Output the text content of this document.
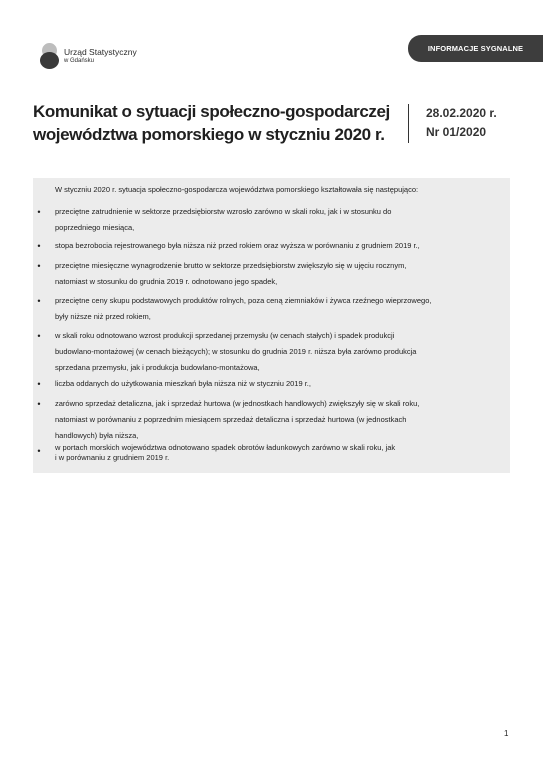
Urząd Statystyczny
w Gdańsku
INFORMACJE SYGNALNE
Komunikat o sytuacji społeczno-gospodarczej
województwa pomorskiego w styczniu 2020 r.
28.02.2020 r.
Nr 01/2020
W styczniu 2020 r. sytuacja społeczno-gospodarcza województwa pomorskiego kształtowała się następująco:
•	przeciętne zatrudnienie w sektorze przedsiębiorstw wzrosło zarówno w skali roku, jak i w stosunku do
poprzedniego miesiąca,
•	stopa bezrobocia rejestrowanego była niższa niż przed rokiem oraz wyższa w porównaniu z grudniem 2019 r.,
•	przeciętne miesięczne wynagrodzenie brutto w sektorze przedsiębiorstw zwiększyło się w ujęciu rocznym,
natomiast w stosunku do grudnia 2019 r. odnotowano jego spadek,
•	przeciętne ceny skupu podstawowych produktów rolnych, poza ceną ziemniaków i żywca rzeźnego wieprzowego,
były niższe niż przed rokiem,
•	w skali roku odnotowano wzrost produkcji sprzedanej przemysłu (w cenach stałych) i spadek produkcji
budowlano-montażowej (w cenach bieżących); w stosunku do grudnia 2019 r. niższa była zarówno produkcja
sprzedana przemysłu, jak i produkcja budowlano-montażowa,
•	liczba oddanych do użytkowania mieszkań była niższa niż w styczniu 2019 r.,
•	zarówno sprzedaż detaliczna, jak i sprzedaż hurtowa (w jednostkach handlowych) zwiększyły się w skali roku,
natomiast w porównaniu z poprzednim miesiącem sprzedaż detaliczna i sprzedaż hurtowa (w jednostkach
handlowych) była niższa,
•	w portach morskich województwa odnotowano spadek obrotów ładunkowych zarówno w skali roku, jak
i w porównaniu z grudniem 2019 r.
1
